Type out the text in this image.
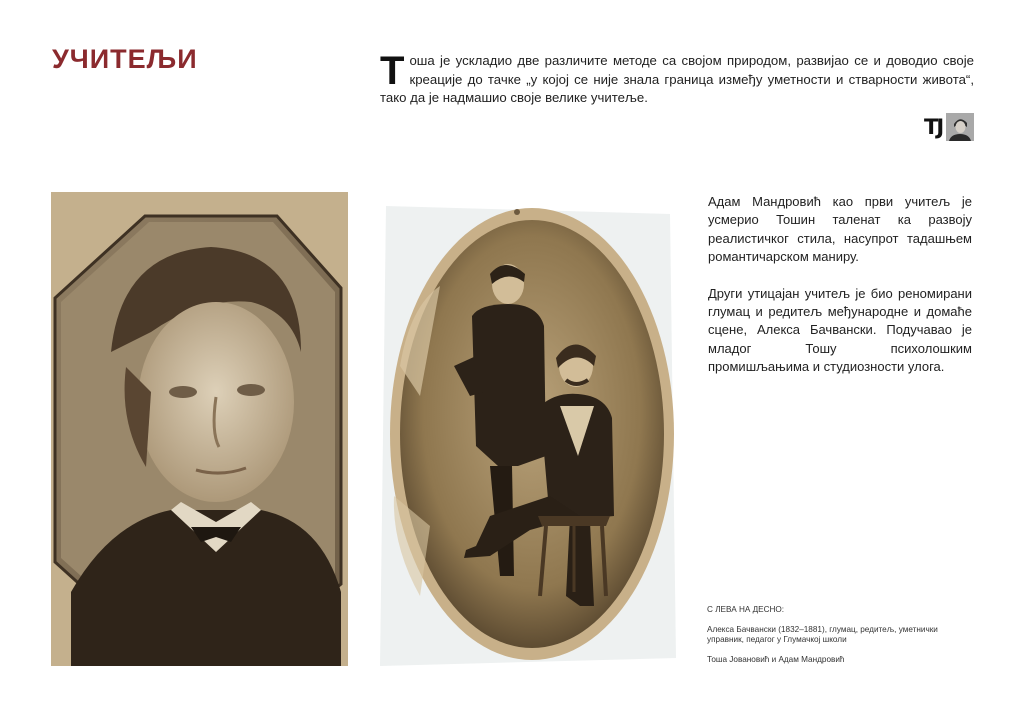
УЧИТЕЉИ	Тоша је ускладио две различите методе са својом природом, развијао се и доводио своје креације до тачке „у којој се није знала граница између уметности и стварности живота“, тако да је надмашио своје велике учитеље.
TJ

Адам Мандровић као први учитељ је усмерио Тошин таленат ка развоју реалистичког стила, насупрот тадашњем романтичарском маниру.

Други утицајан учитељ је био реномирани глумац и редитељ међународне и домаће сцене, Алекса Бачвански. Подучавао је младог Тошу психолошким промишљањима и студиозности улога.

С ЛЕВА НА ДЕСНО:

Алекса Бачвански (1832–1881), глумац, редитељ, уметнички управник, педагог у Глумачкој школи

Тоша Јовановић и Адам Мандровић
